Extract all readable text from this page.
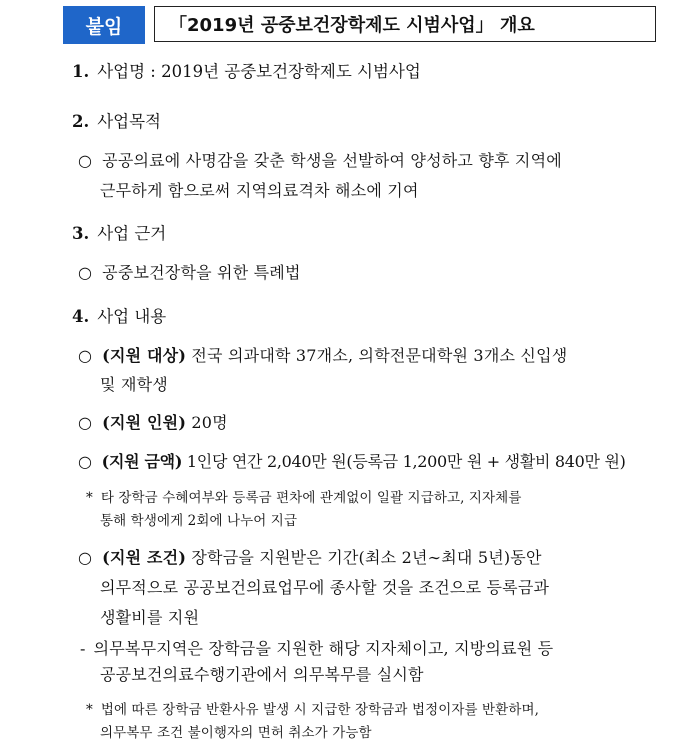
붙임	「2019년 공중보건장학제도 시범사업」 개요
1. 사업명 : 2019년 공중보건장학제도 시범사업
2. 사업목적
○ 공공의료에 사명감을 갖춘 학생을 선발하여 양성하고 향후 지역에
근무하게 함으로써 지역의료격차 해소에 기여
3. 사업 근거
○ 공중보건장학을 위한 특례법
4. 사업 내용
○ (지원 대상) 전국 의과대학 37개소, 의학전문대학원 3개소 신입생
및 재학생
○ (지원 인원) 20명
○ (지원 금액) 1인당 연간 2,040만 원(등록금 1,200만 원 + 생활비 840만 원)
* 타 장학금 수혜여부와 등록금 편차에 관계없이 일괄 지급하고, 지자체를
통해 학생에게 2회에 나누어 지급
○ (지원 조건) 장학금을 지원받은 기간(최소 2년∼최대 5년)동안
의무적으로 공공보건의료업무에 종사할 것을 조건으로 등록금과
생활비를 지원
- 의무복무지역은 장학금을 지원한 해당 지자체이고, 지방의료원 등
공공보건의료수행기관에서 의무복무를 실시함
* 법에 따른 장학금 반환사유 발생 시 지급한 장학금과 법정이자를 반환하며,
의무복무 조건 불이행자의 면허 취소가 가능함
